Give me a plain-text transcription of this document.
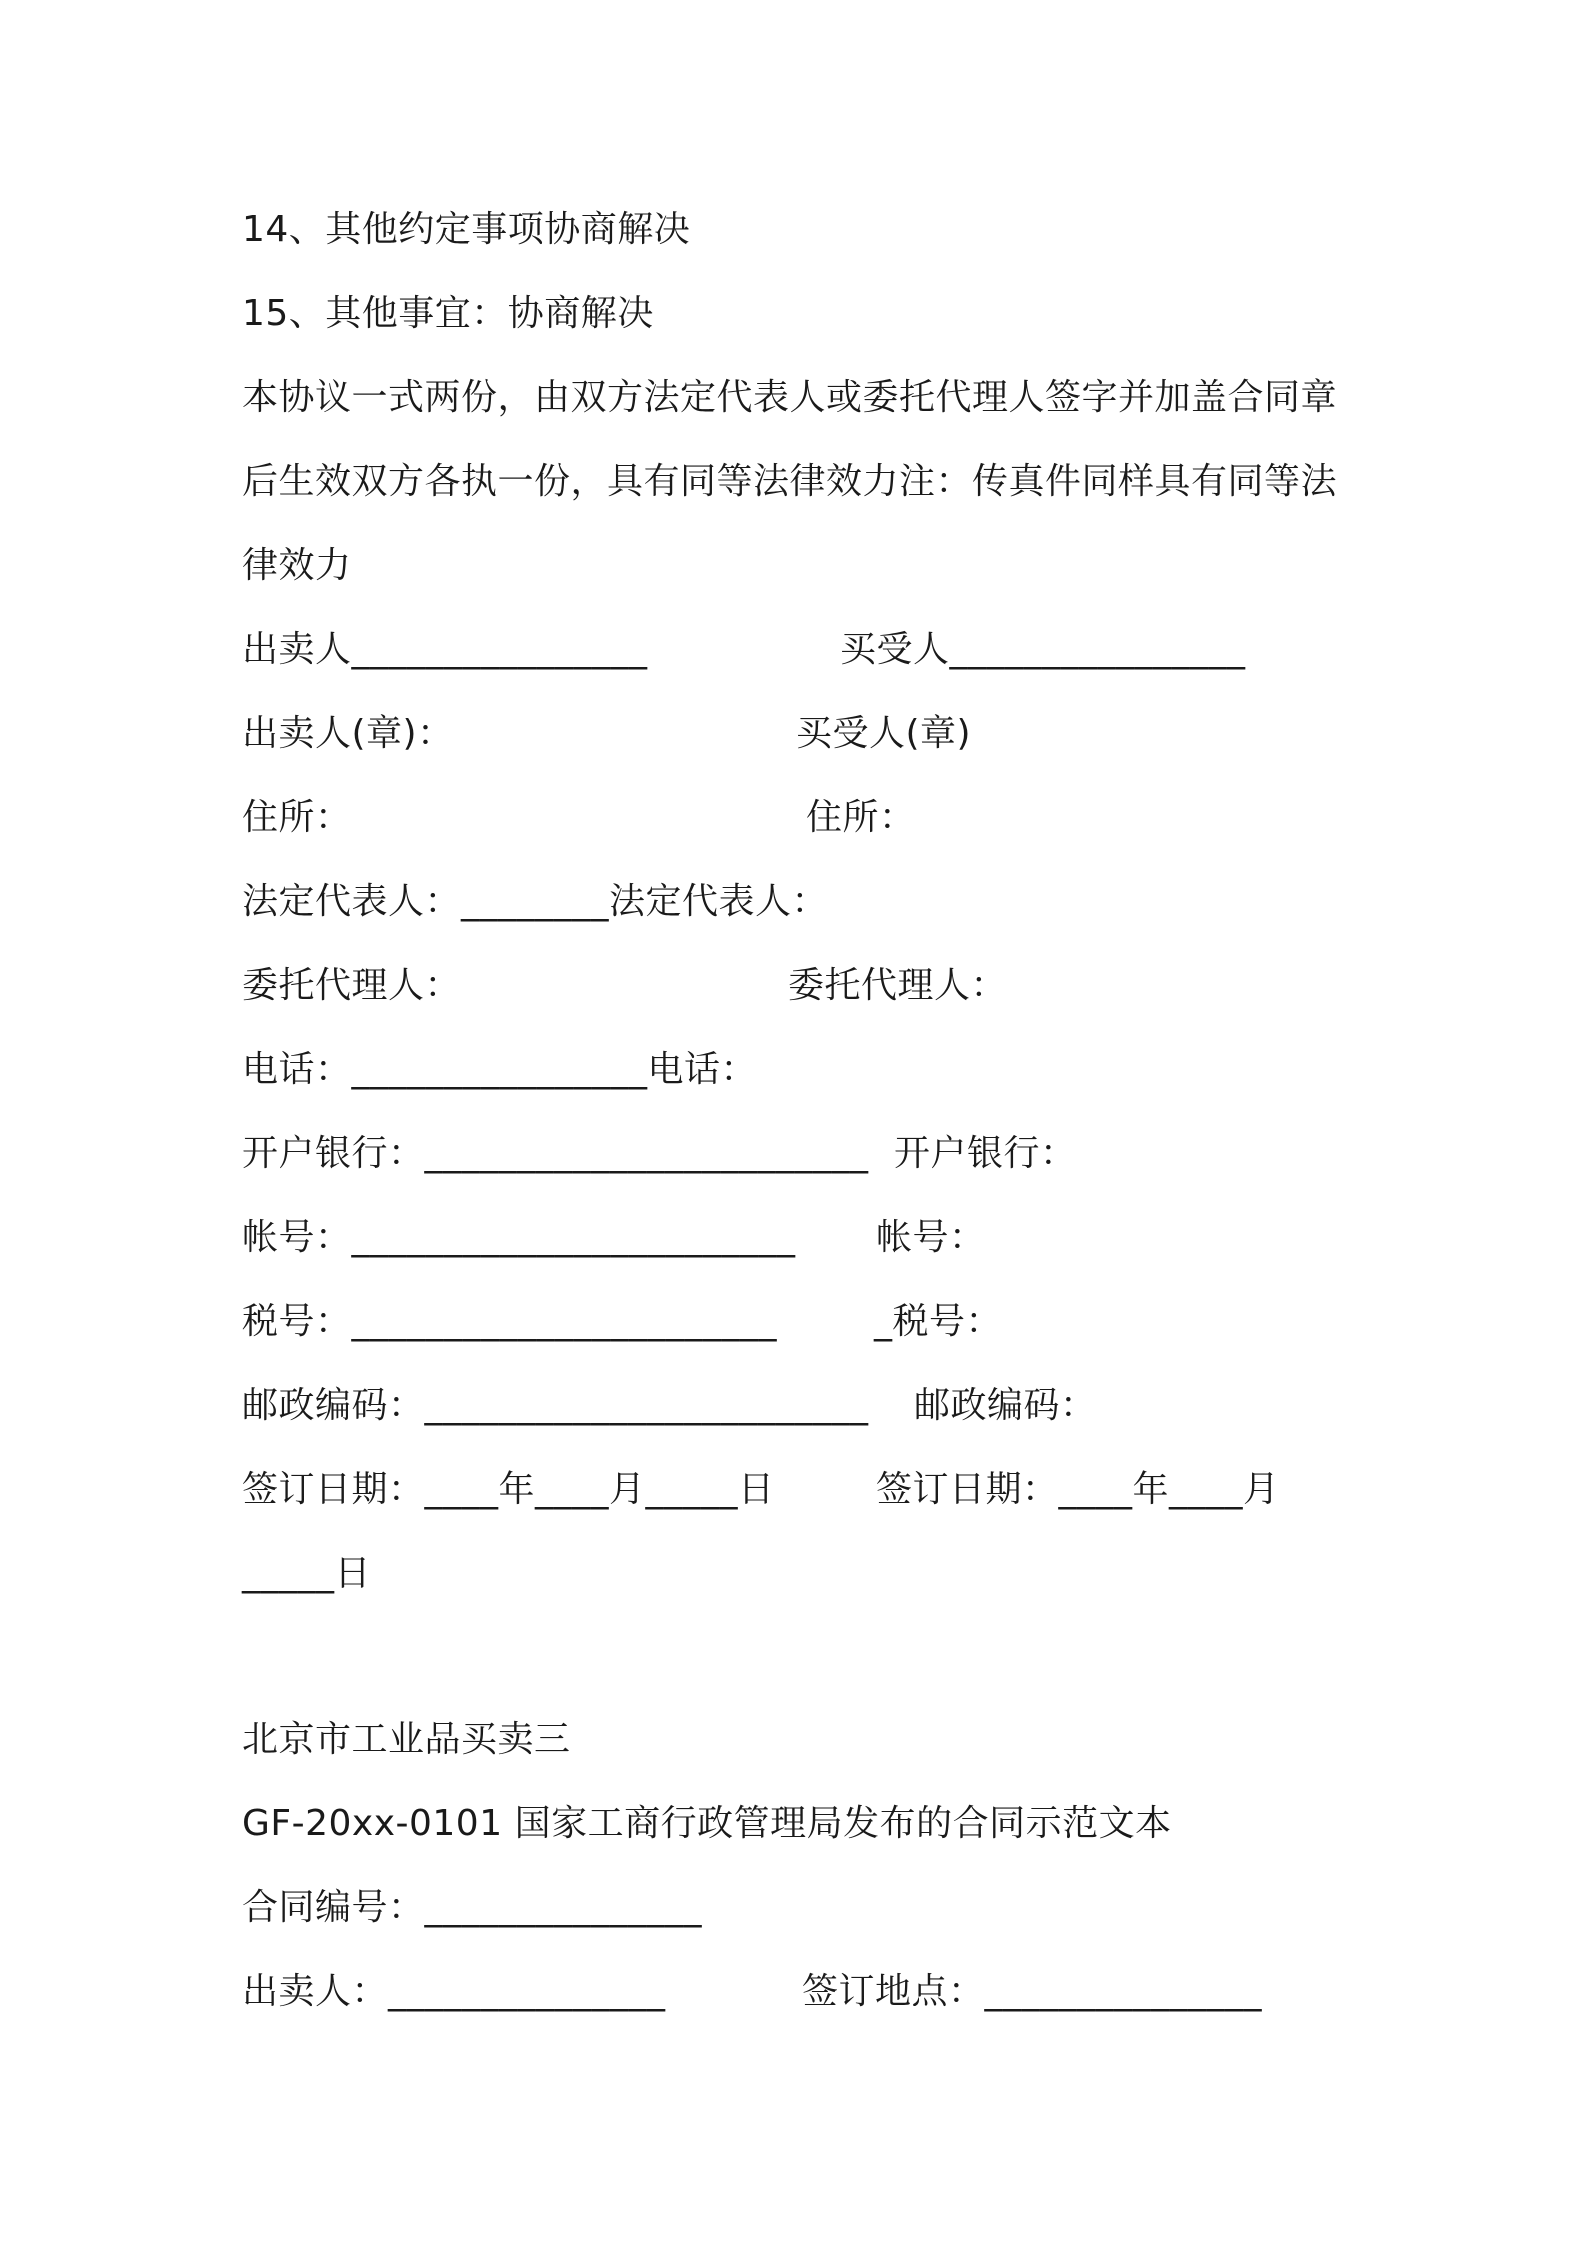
14、其他约定事项协商解决
15、其他事宜：协商解决
本协议一式两份，由双方法定代表人或委托代理人签字并加盖合同章
后生效双方各执一份，具有同等法律效力注：传真件同样具有同等法
律效力
出卖人________________	买受人________________
出卖人(章)：	买受人(章)
住所：	住所：
法定代表人：________法定代表人：
委托代理人：	委托代理人：
电话：________________电话：
开户银行：________________________ 开户银行：
帐号：________________________ 帐号：
税号：_______________________	_税号：
邮政编码：________________________ 邮政编码：
签订日期：____年____月_____日	签订日期：____年____月
_____日
北京市工业品买卖三
GF-20xx-0101 国家工商行政管理局发布的合同示范文本
合同编号：_______________
出卖人：_______________	签订地点：_______________
